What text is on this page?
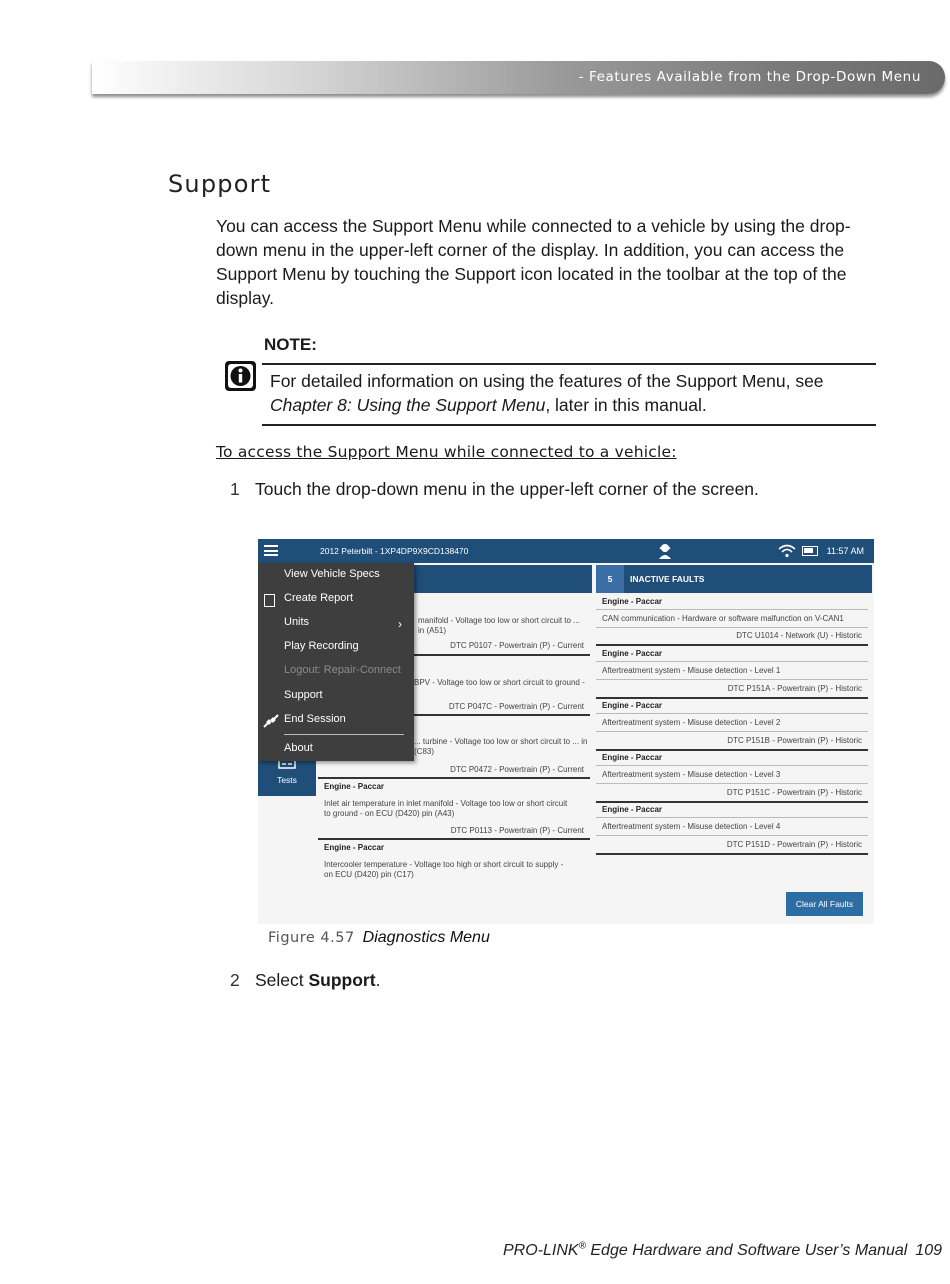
- Features Available from the Drop-Down Menu
Support

You can access the Support Menu while connected to a vehicle by using the drop-down menu in the upper-left corner of the display. In addition, you can access the Support Menu by touching the Support icon located in the toolbar at the top of the display.

NOTE:

For detailed information on using the features of the Support Menu, see Chapter 8: Using the Support Menu, later in this manual.

To access the Support Menu while connected to a vehicle:
1 Touch the drop-down menu in the upper-left corner of the screen.
2012 Peterbilt - 1XP4DP9X9CD138470	11:57 AM
Tests
manifold - Voltage too low or short circuit to ... in (A51)
DTC P0107 - Powertrain (P) - Current
BPV - Voltage too low or short circuit to ground -
DTC P047C - Powertrain (P) - Current
... turbine - Voltage too low or short circuit to ... in (C83)
DTC P0472 - Powertrain (P) - Current
Engine - Paccar
Inlet air temperature in inlet manifold - Voltage too low or short circuit to ground - on ECU (D420) pin (A43)
DTC P0113 - Powertrain (P) - Current
Engine - Paccar
Intercooler temperature - Voltage too high or short circuit to supply - on ECU (D420) pin (C17)
5	INACTIVE FAULTS
Engine - Paccar
CAN communication - Hardware or software malfunction on V-CAN1
DTC U1014 - Network (U) - Historic
Engine - Paccar
Aftertreatment system - Misuse detection - Level 1
DTC P151A - Powertrain (P) - Historic
Engine - Paccar
Aftertreatment system - Misuse detection - Level 2
DTC P151B - Powertrain (P) - Historic
Engine - Paccar
Aftertreatment system - Misuse detection - Level 3
DTC P151C - Powertrain (P) - Historic
Engine - Paccar
Aftertreatment system - Misuse detection - Level 4
DTC P151D - Powertrain (P) - Historic
Clear All Faults
View Vehicle Specs
Create Report
Units	›
Play Recording
Logout: Repair-Connect
Support
End Session
About
Figure 4.57 Diagnostics Menu
2 Select Support.
PRO-LINK® Edge Hardware and Software User’s Manual 109
